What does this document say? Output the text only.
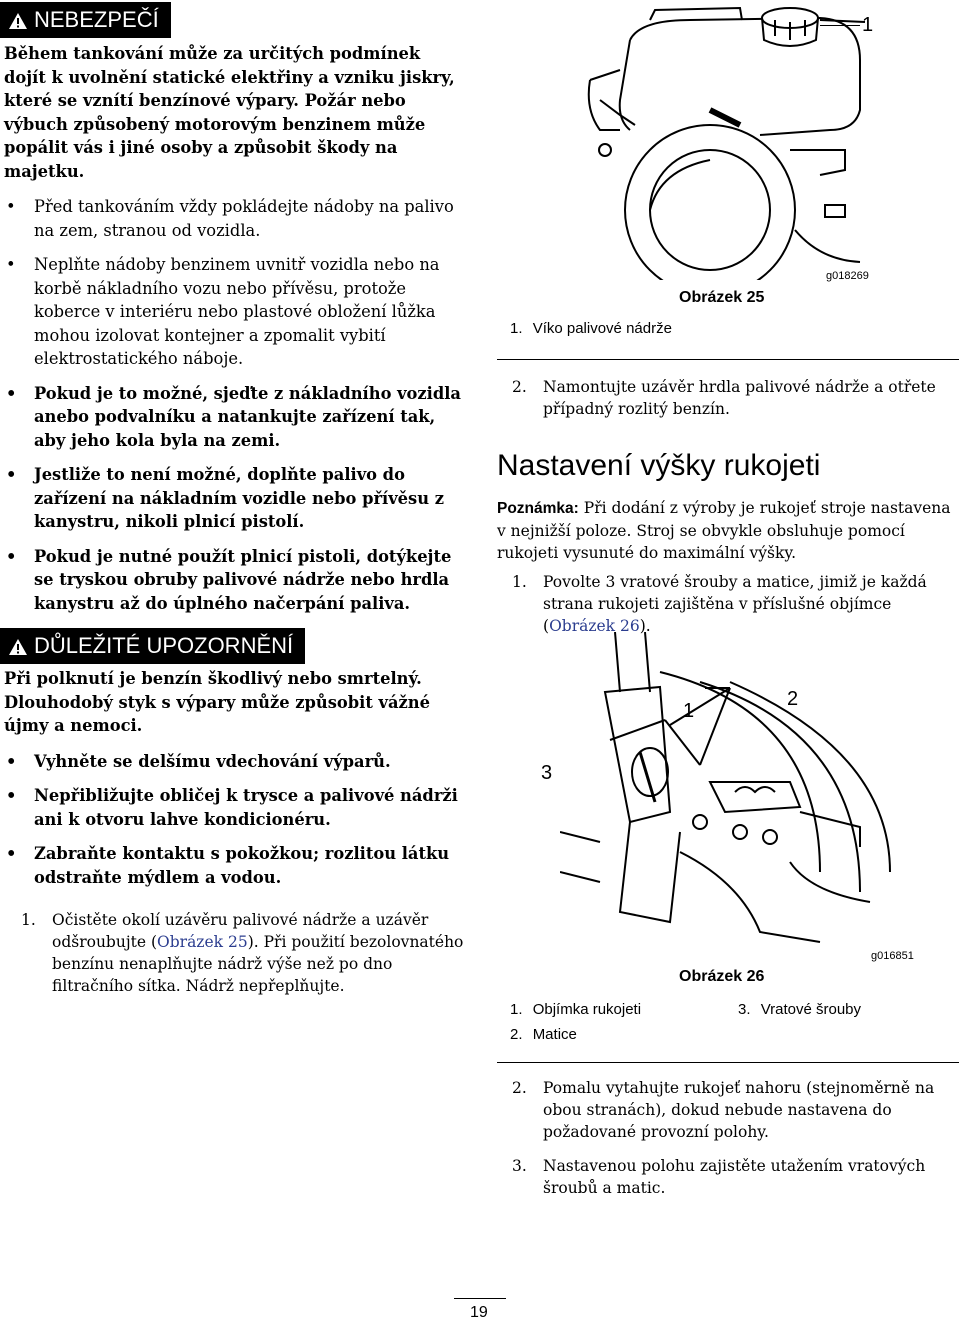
NEBEZPEČÍ

Během tankování může za určitých podmínek dojít k uvolnění statické elektřiny a vzniku jiskry, které se vznítí benzínové výpary. Požár nebo výbuch způsobený motorovým benzinem může popálit vás i jiné osoby a způsobit škody na majetku.

• Před tankováním vždy pokládejte nádoby na palivo na zem, stranou od vozidla.
• Neplňte nádoby benzinem uvnitř vozidla nebo na korbě nákladního vozu nebo přívěsu, protože koberce v interiéru nebo plastové obložení lůžka mohou izolovat kontejner a zpomalit vybití elektrostatického náboje.
• Pokud je to možné, sjeďte z nákladního vozidla anebo podvalníku a natankujte zařízení tak, aby jeho kola byla na zemi.
• Jestliže to není možné, doplňte palivo do zařízení na nákladním vozidle nebo přívěsu z kanystru, nikoli plnicí pistolí.
• Pokud je nutné použít plnicí pistoli, dotýkejte se tryskou obruby palivové nádrže nebo hrdla kanystru až do úplného načerpání paliva.
DŮLEŽITÉ UPOZORNĚNÍ

Při polknutí je benzín škodlivý nebo smrtelný. Dlouhodobý styk s výpary může způsobit vážné újmy a nemoci.

• Vyhněte se delšímu vdechování výparů.
• Nepřibližujte obličej k trysce a palivové nádrži ani k otvoru lahve kondicionéru.
• Zabraňte kontaktu s pokožkou; rozlitou látku odstraňte mýdlem a vodou.
1. Očistěte okolí uzávěru palivové nádrže a uzávěr odšroubujte (Obrázek 25). Při použití bezolovnatého benzínu nenaplňujte nádrž výše než po dno filtračního sítka. Nádrž nepřeplňujte.
1
g018269
Obrázek 25
1. Víko palivové nádrže
2. Namontujte uzávěr hrdla palivové nádrže a otřete případný rozlitý benzín.
Nastavení výšky rukojeti

Poznámka: Při dodání z výroby je rukojeť stroje nastavena v nejnižší poloze. Stroj se obvykle obsluhuje pomocí rukojeti vysunuté do maximální výšky.

1. Povolte 3 vratové šrouby a matice, jimiž je každá strana rukojeti zajištěna v příslušné objímce (Obrázek 26).
1
2
3
g016851
Obrázek 26
1. Objímka rukojeti	3. Vratové šrouby
2. Matice
2. Pomalu vytahujte rukojeť nahoru (stejnoměrně na obou stranách), dokud nebude nastavena do požadované provozní polohy.
3. Nastavenou polohu zajistěte utažením vratových šroubů a matic.
19
